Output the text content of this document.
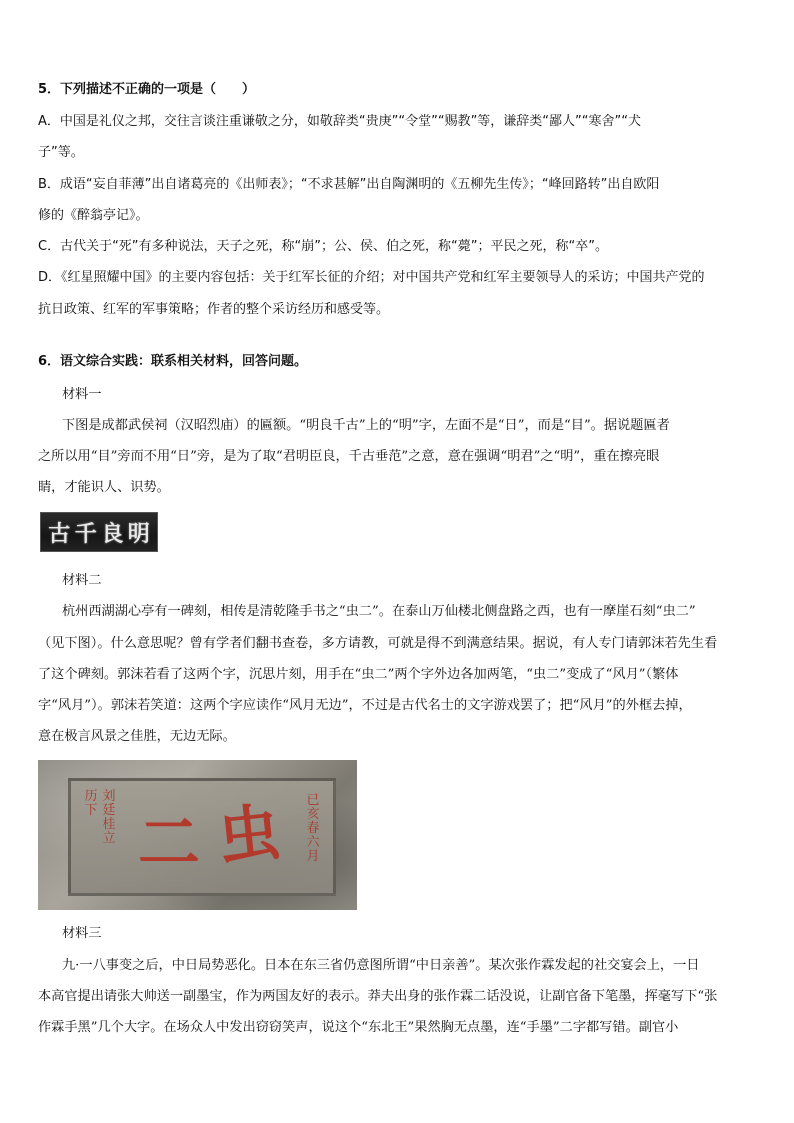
5．下列描述不正确的一项是（　　）
A．中国是礼仪之邦，交往言谈注重谦敬之分，如敬辞类“贵庚”“令堂”“赐教”等，谦辞类“鄙人”“寒舍”“犬
子”等。
B．成语“妄自菲薄”出自诸葛亮的《出师表》；“不求甚解”出自陶渊明的《五柳先生传》；“峰回路转”出自欧阳
修的《醉翁亭记》。
C．古代关于“死”有多种说法，天子之死，称“崩”；公、侯、伯之死，称“薨”；平民之死，称“卒”。
D．《红星照耀中国》的主要内容包括：关于红军长征的介绍；对中国共产党和红军主要领导人的采访；中国共产党的
抗日政策、红军的军事策略；作者的整个采访经历和感受等。
6．语文综合实践：联系相关材料，回答问题。
材料一
下图是成都武侯祠（汉昭烈庙）的匾额。“明良千古”上的“明”字，左面不是“日”，而是“目”。据说题匾者
之所以用“目”旁而不用“日”旁，是为了取“君明臣良，千古垂范”之意，意在强调“明君”之“明”，重在擦亮眼
睛，才能识人、识势。
古 千 良 明
材料二
杭州西湖湖心亭有一碑刻，相传是清乾隆手书之“虫二”。在泰山万仙楼北侧盘路之西，也有一摩崖石刻“虫二”
（见下图）。什么意思呢？曾有学者们翻书查卷，多方请教，可就是得不到满意结果。据说，有人专门请郭沫若先生看
了这个碑刻。郭沫若看了这两个字，沉思片刻，用手在“虫二”两个字外边各加两笔，“虫二”变成了“风月”（繁体
字“风月”）。郭沫若笑道：这两个字应读作“风月无边”，不过是古代名士的文字游戏罢了；把“风月”的外框去掉，
意在极言风景之佳胜，无边无际。
历下
刘廷桂立 二 虫 已亥春六月
材料三
九·一八事变之后，中日局势恶化。日本在东三省仍意图所谓“中日亲善”。某次张作霖发起的社交宴会上，一日
本高官提出请张大帅送一副墨宝，作为两国友好的表示。莽夫出身的张作霖二话没说，让副官备下笔墨，挥毫写下“张
作霖手黑”几个大字。在场众人中发出窃窃笑声，说这个“东北王”果然胸无点墨，连“手墨”二字都写错。副官小
